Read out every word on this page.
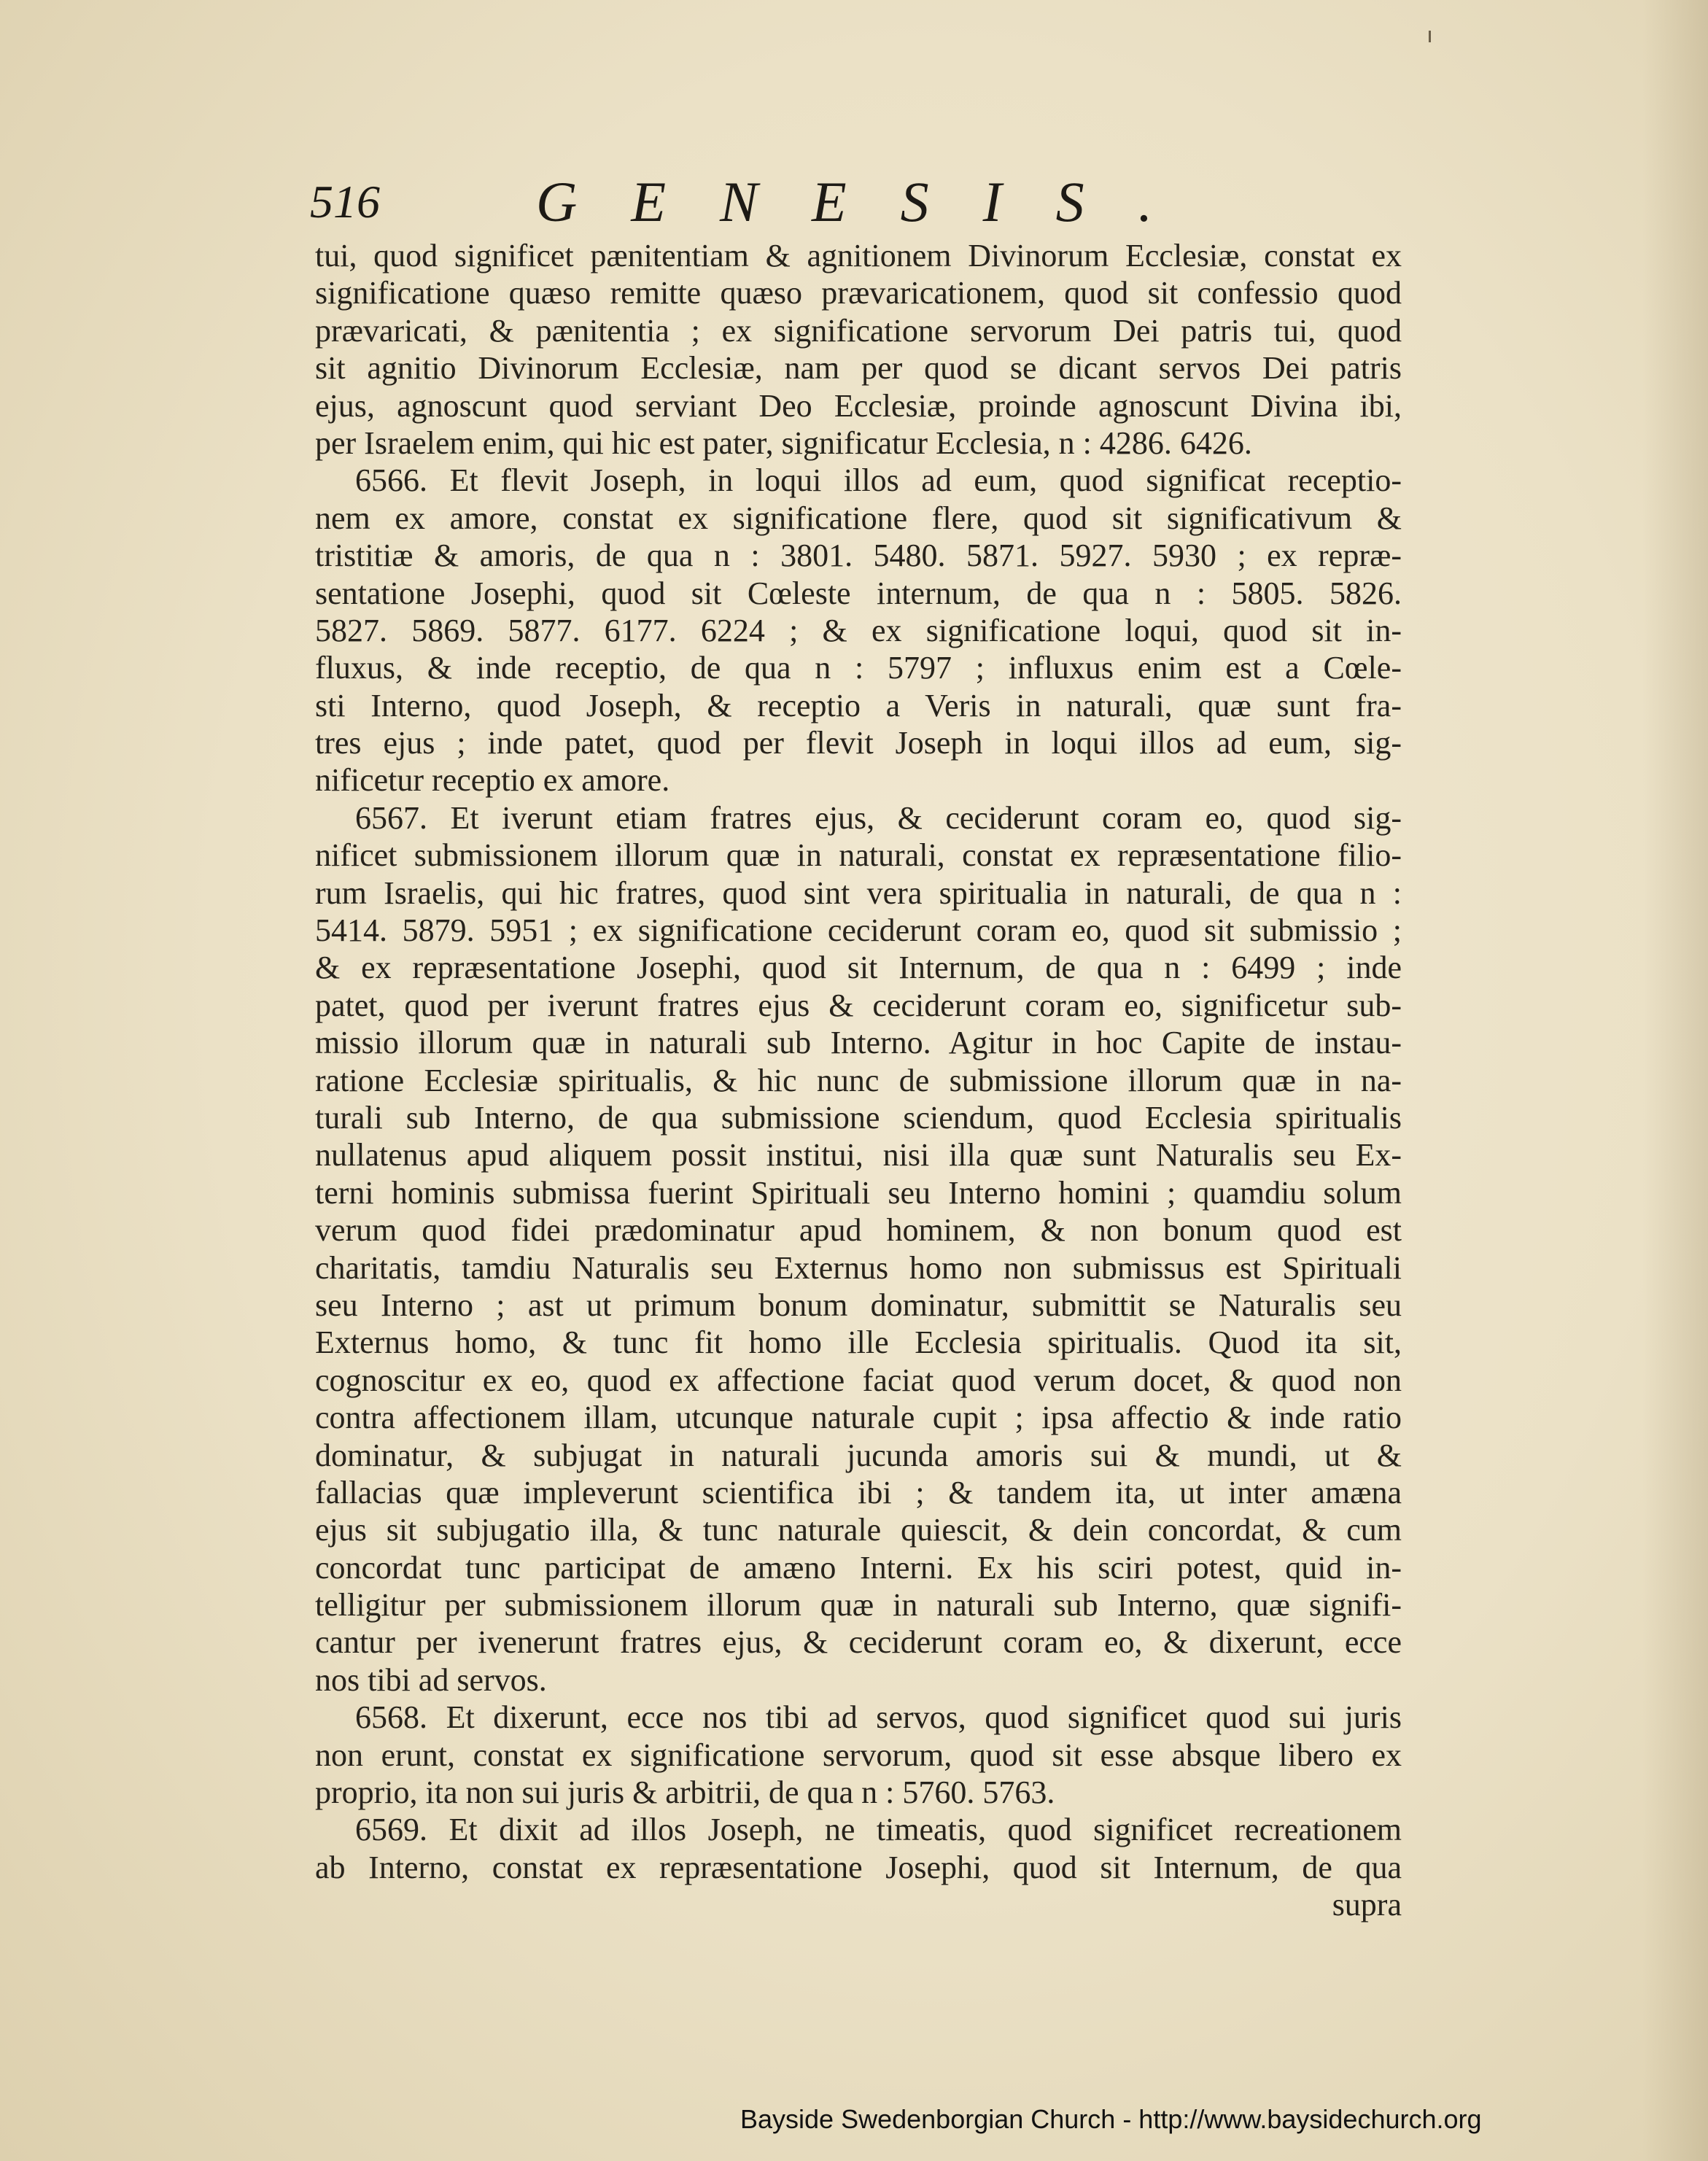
516	GENESIS.
tui, quod significet pænitentiam & agnitionem Divinorum Ecclesiæ, constat ex
significatione quæso remitte quæso prævaricationem, quod sit confessio quod
prævaricati, & pænitentia ; ex significatione servorum Dei patris tui, quod
sit agnitio Divinorum Ecclesiæ, nam per quod se dicant servos Dei patris
ejus, agnoscunt quod serviant Deo Ecclesiæ, proinde agnoscunt Divina ibi,
per Israelem enim, qui hic est pater, significatur Ecclesia, n : 4286. 6426.
6566. Et flevit Joseph, in loqui illos ad eum, quod significat receptio-
nem ex amore, constat ex significatione flere, quod sit significativum &
tristitiæ & amoris, de qua n : 3801. 5480. 5871. 5927. 5930 ; ex repræ-
sentatione Josephi, quod sit Cœleste internum, de qua n : 5805. 5826.
5827. 5869. 5877. 6177. 6224 ; & ex significatione loqui, quod sit in-
fluxus, & inde receptio, de qua n : 5797 ; influxus enim est a Cœle-
sti Interno, quod Joseph, & receptio a Veris in naturali, quæ sunt fra-
tres ejus ; inde patet, quod per flevit Joseph in loqui illos ad eum, sig-
nificetur receptio ex amore.
6567. Et iverunt etiam fratres ejus, & ceciderunt coram eo, quod sig-
nificet submissionem illorum quæ in naturali, constat ex repræsentatione filio-
rum Israelis, qui hic fratres, quod sint vera spiritualia in naturali, de qua n :
5414. 5879. 5951 ; ex significatione ceciderunt coram eo, quod sit submissio ;
& ex repræsentatione Josephi, quod sit Internum, de qua n : 6499 ; inde
patet, quod per iverunt fratres ejus & ceciderunt coram eo, significetur sub-
missio illorum quæ in naturali sub Interno. Agitur in hoc Capite de instau-
ratione Ecclesiæ spiritualis, & hic nunc de submissione illorum quæ in na-
turali sub Interno, de qua submissione sciendum, quod Ecclesia spiritualis
nullatenus apud aliquem possit institui, nisi illa quæ sunt Naturalis seu Ex-
terni hominis submissa fuerint Spirituali seu Interno homini ; quamdiu solum
verum quod fidei prædominatur apud hominem, & non bonum quod est
charitatis, tamdiu Naturalis seu Externus homo non submissus est Spirituali
seu Interno ; ast ut primum bonum dominatur, submittit se Naturalis seu
Externus homo, & tunc fit homo ille Ecclesia spiritualis. Quod ita sit,
cognoscitur ex eo, quod ex affectione faciat quod verum docet, & quod non
contra affectionem illam, utcunque naturale cupit ; ipsa affectio & inde ratio
dominatur, & subjugat in naturali jucunda amoris sui & mundi, ut &
fallacias quæ impleverunt scientifica ibi ; & tandem ita, ut inter amæna
ejus sit subjugatio illa, & tunc naturale quiescit, & dein concordat, & cum
concordat tunc participat de amæno Interni. Ex his sciri potest, quid in-
telligitur per submissionem illorum quæ in naturali sub Interno, quæ signifi-
cantur per ivenerunt fratres ejus, & ceciderunt coram eo, & dixerunt, ecce
nos tibi ad servos.
6568. Et dixerunt, ecce nos tibi ad servos, quod significet quod sui juris
non erunt, constat ex significatione servorum, quod sit esse absque libero ex
proprio, ita non sui juris & arbitrii, de qua n : 5760. 5763.
6569. Et dixit ad illos Joseph, ne timeatis, quod significet recreationem
ab Interno, constat ex repræsentatione Josephi, quod sit Internum, de qua
supra
Bayside Swedenborgian Church - http://www.baysidechurch.org
